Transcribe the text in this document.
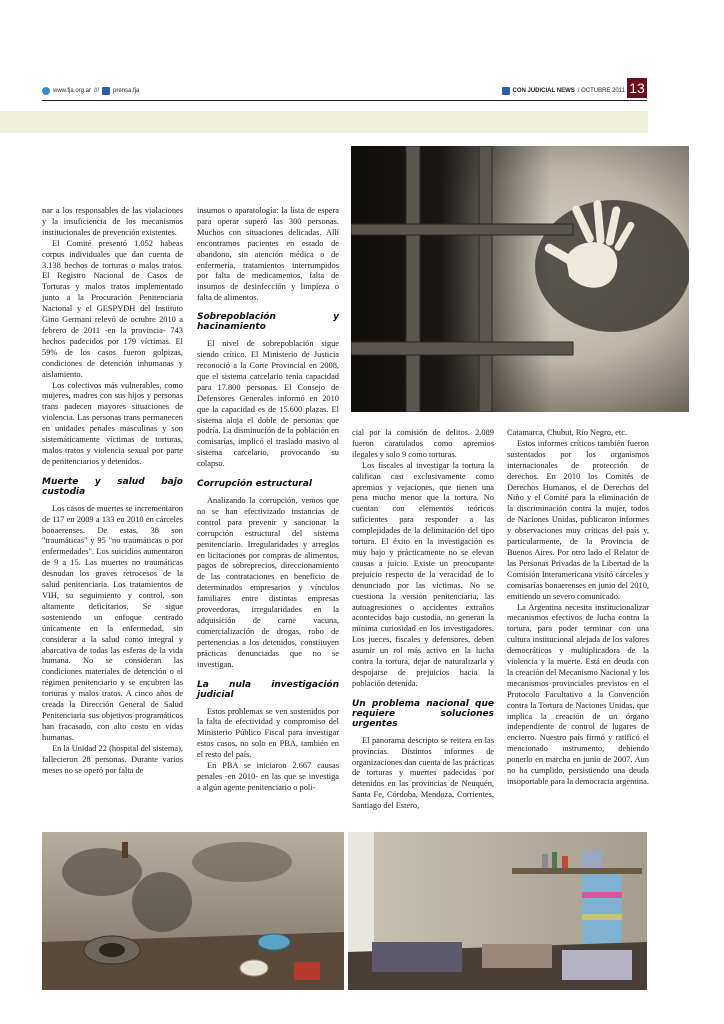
www.fja.org.ar /// prensa.fja	CON JUDICIAL NEWS / OCTUBRE 2011 13

nar a los responsables de las violaciones y la insuficiencia de los mecanismos institucionales de prevención existentes.

El Comité presentó 1.052 habeas corpus individuales que dan cuenta de 3.138 hechos de torturas o malos tratos. El Registro Nacional de Casos de Torturas y malos tratos implementado junto a la Procuración Penitenciaria Nacional y el GESPYDH del Instituto Gino Germani relevó de octubre 2010 a febrero de 2011 -en la provincia- 743 hechos padecidos por 179 víctimas. El 59% de los casos fueron golpizas, condiciones de detención inhumanas y aislamiento.

Los colectivos más vulnerables, como mujeres, madres con sus hijos y personas trans padecen mayores situaciones de violencia. Las personas trans permanecen en unidades penales masculinas y son sistemáticamente víctimas de torturas, malos tratos y violencia sexual por parte de penitenciarios y detenidos.

Muerte y salud bajo custodia

Los casos de muertes se incrementaron de 117 en 2009 a 133 en 2010 en cárceles bonaerenses. De estas, 38 son "traumáticas" y 95 "no traumáticas o por enfermedades". Los suicidios aumentaron de 9 a 15. Las muertes no traumáticas desnudan los graves retrocesos de la salud penitenciaria. Los tratamientos de VIH, su seguimiento y control, son altamente deficitarios. Se sigue sosteniendo un enfoque centrado únicamente en la enfermedad, sin considerar a la salud como integral y abarcativa de todas las esferas de la vida humana. No se consideran las condiciones materiales de detención o el régimen penitenciario y se encubren las torturas y malos tratos. A cinco años de creada la Dirección General de Salud Penitenciaria sus objetivos programáticos han fracasado, con alto costo en vidas humanas.

En la Unidad 22 (hospital del sistema), fallecieron 28 personas. Durante varios meses no se operó por falta de

insumos o aparatología: la lista de espera para operar superó las 300 personas. Muchos con situaciones delicadas. Allí encontramos pacientes en estado de abandono, sin atención médica o de enfermería, tratamientos interrumpidos por falta de medicamentos, falta de insumos de desinfección y limpieza o falta de alimentos.

Sobrepoblación y hacinamiento

El nivel de sobrepoblación sigue siendo crítico. El Ministerio de Justicia reconoció a la Corte Provincial en 2008, que el sistema carcelario tenía capacidad para 17.800 personas. El Consejo de Defensores Generales informó en 2010 que la capacidad es de 15.600 plazas. El sistema aloja el doble de personas que podría. La disminución de la población en comisarías, implicó el traslado masivo al sistema carcelario, provocando su colapso.

Corrupción estructural

Analizando la corrupción, vemos que no se han efectivizado instancias de control para prevenir y sancionar la corrupción estructural del sistema penitenciario. Irregularidades y arreglos en licitaciones por compras de alimentos, pagos de sobreprecios, direccionamiento de las contrataciones en beneficio de determinados empresarios y vínculos familiares entre distintas empresas proveedoras, irregularidades en la adquisición de carne vacuna, comercialización de drogas, robo de pertenencias a los detenidos, constituyen prácticas denunciadas que no se investigan.

La nula investigación judicial

Estos problemas se ven sostenidos por la falta de efectividad y compromiso del Ministerio Público Fiscal para investigar estos casos, no solo en PBA, también en el resto del país.

En PBA se iniciaron 2.667 causas penales -en 2010- en las que se investiga a algún agente penitenciario o poli-

cial por la comisión de delitos. 2.089 fueron caratulados como apremios ilegales y solo 9 como torturas.

Los fiscales al investigar la tortura la califican casi exclusivamente como apremios y vejaciones, que tienen una pena mucho menor que la tortura. No cuentan con elementos teóricos suficientes para responder a las complejidades de la delimitación del tipo tortura. El éxito en la investigación es muy bajo y prácticamente no se elevan causas a juicio. Existe un preocupante prejuicio respecto de la veracidad de lo denunciado por las víctimas. No se cuestiona la versión penitenciaria, las autoagresiones o accidentes extraños acontecidos bajo custodia, no generan la mínima curiosidad en los investigadores. Los jueces, fiscales y defensores, deben asumir un rol más activo en la lucha contra la tortura, dejar de naturalizarla y despojarse de prejuicios hacia la población detenida.

Un problema nacional que requiere soluciones urgentes

El panorama descripto se reitera en las provincias. Distintos informes de organizaciones dan cuenta de las prácticas de torturas y muertes padecidas por detenidos en las provincias de Neuquén, Santa Fe, Córdoba, Mendoza, Corrientes, Santiago del Estero,

Catamarca, Chubut, Río Negro, etc.

Estos informes críticos también fueron sustentados por los organismos internacionales de protección de derechos. En 2010 los Comités de Derechos Humanos, el de Derechos del Niño y el Comité para la eliminación de la discriminación contra la mujer, todos de Naciones Unidas, publicaron informes y observaciones muy críticas del país y, particularmente, de la Provincia de Buenos Aires. Por otro lado el Relator de las Personas Privadas de la Libertad de la Comisión Interamericana visitó cárceles y comisarías bonaerenses en junio del 2010, emitiendo un severo comunicado.

La Argentina necesita institucionalizar mecanismos efectivos de lucha contra la tortura, para poder terminar con una cultura institucional alejada de los valores democráticos y multiplicadora de la violencia y la muerte. Está en deuda con la creación del Mecanismo Nacional y los mecanismos provinciales previstos en el Protocolo Facultativo a la Convención contra la Tortura de Naciones Unidas, que implica la creación de un órgano independiente de control de lugares de encierro. Nuestro país firmó y ratificó el mencionado instrumento, debiendo ponerlo en marcha en junio de 2007. Aun no ha cumplido, persistiendo una deuda insoportable para la democracia argentina.
